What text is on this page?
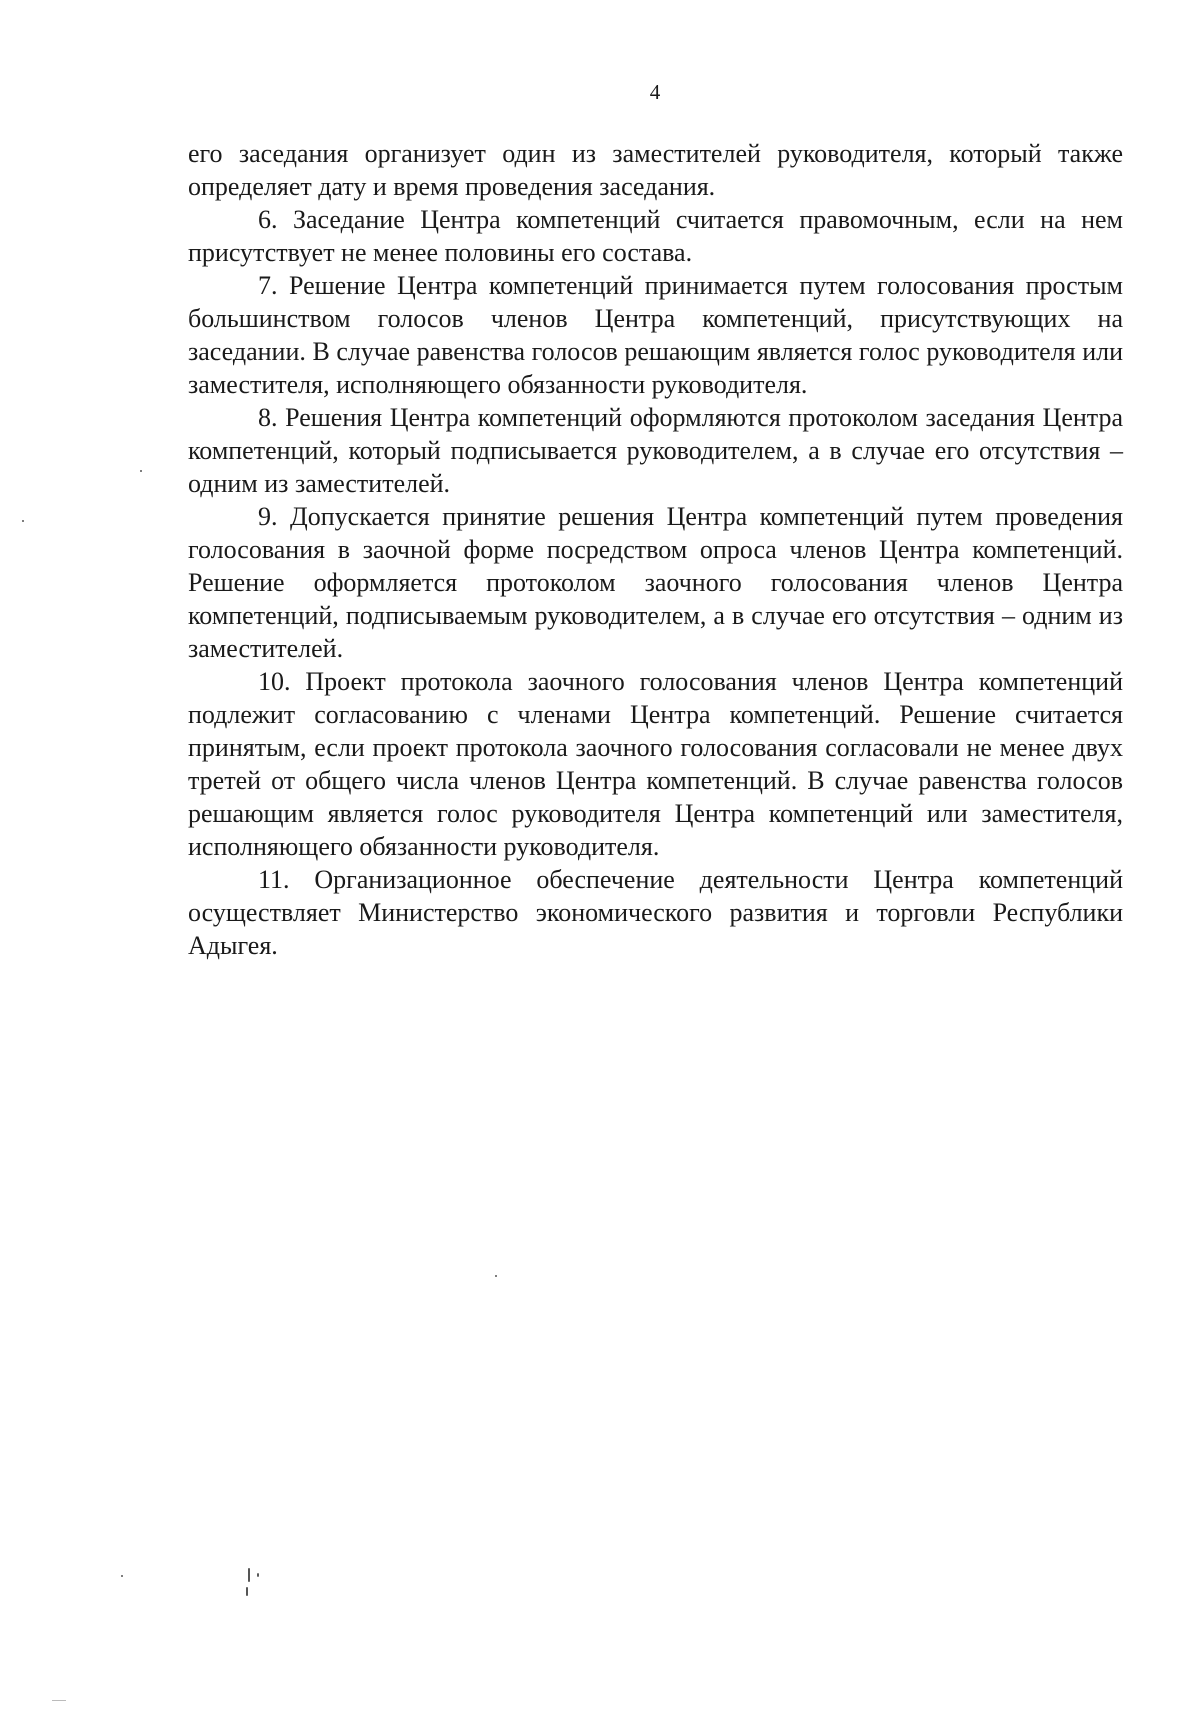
4

его заседания организует один из заместителей руководителя, который также определяет дату и время проведения заседания.

6. Заседание Центра компетенций считается правомочным, если на нем присутствует не менее половины его состава.

7. Решение Центра компетенций принимается путем голосования простым большинством голосов членов Центра компетенций, присутствующих на заседании. В случае равенства голосов решающим является голос руководителя или заместителя, исполняющего обязанности руководителя.

8. Решения Центра компетенций оформляются протоколом заседания Центра компетенций, который подписывается руководителем, а в случае его отсутствия – одним из заместителей.

9. Допускается принятие решения Центра компетенций путем проведения голосования в заочной форме посредством опроса членов Центра компетенций. Решение оформляется протоколом заочного голосования членов Центра компетенций, подписываемым руководителем, а в случае его отсутствия – одним из заместителей.

10. Проект протокола заочного голосования членов Центра компетенций подлежит согласованию с членами Центра компетенций. Решение считается принятым, если проект протокола заочного голосования согласовали не менее двух третей от общего числа членов Центра компетенций. В случае равенства голосов решающим является голос руководителя Центра компетенций или заместителя, исполняющего обязанности руководителя.

11. Организационное обеспечение деятельности Центра компетенций осуществляет Министерство экономического развития и торговли Республики Адыгея.
